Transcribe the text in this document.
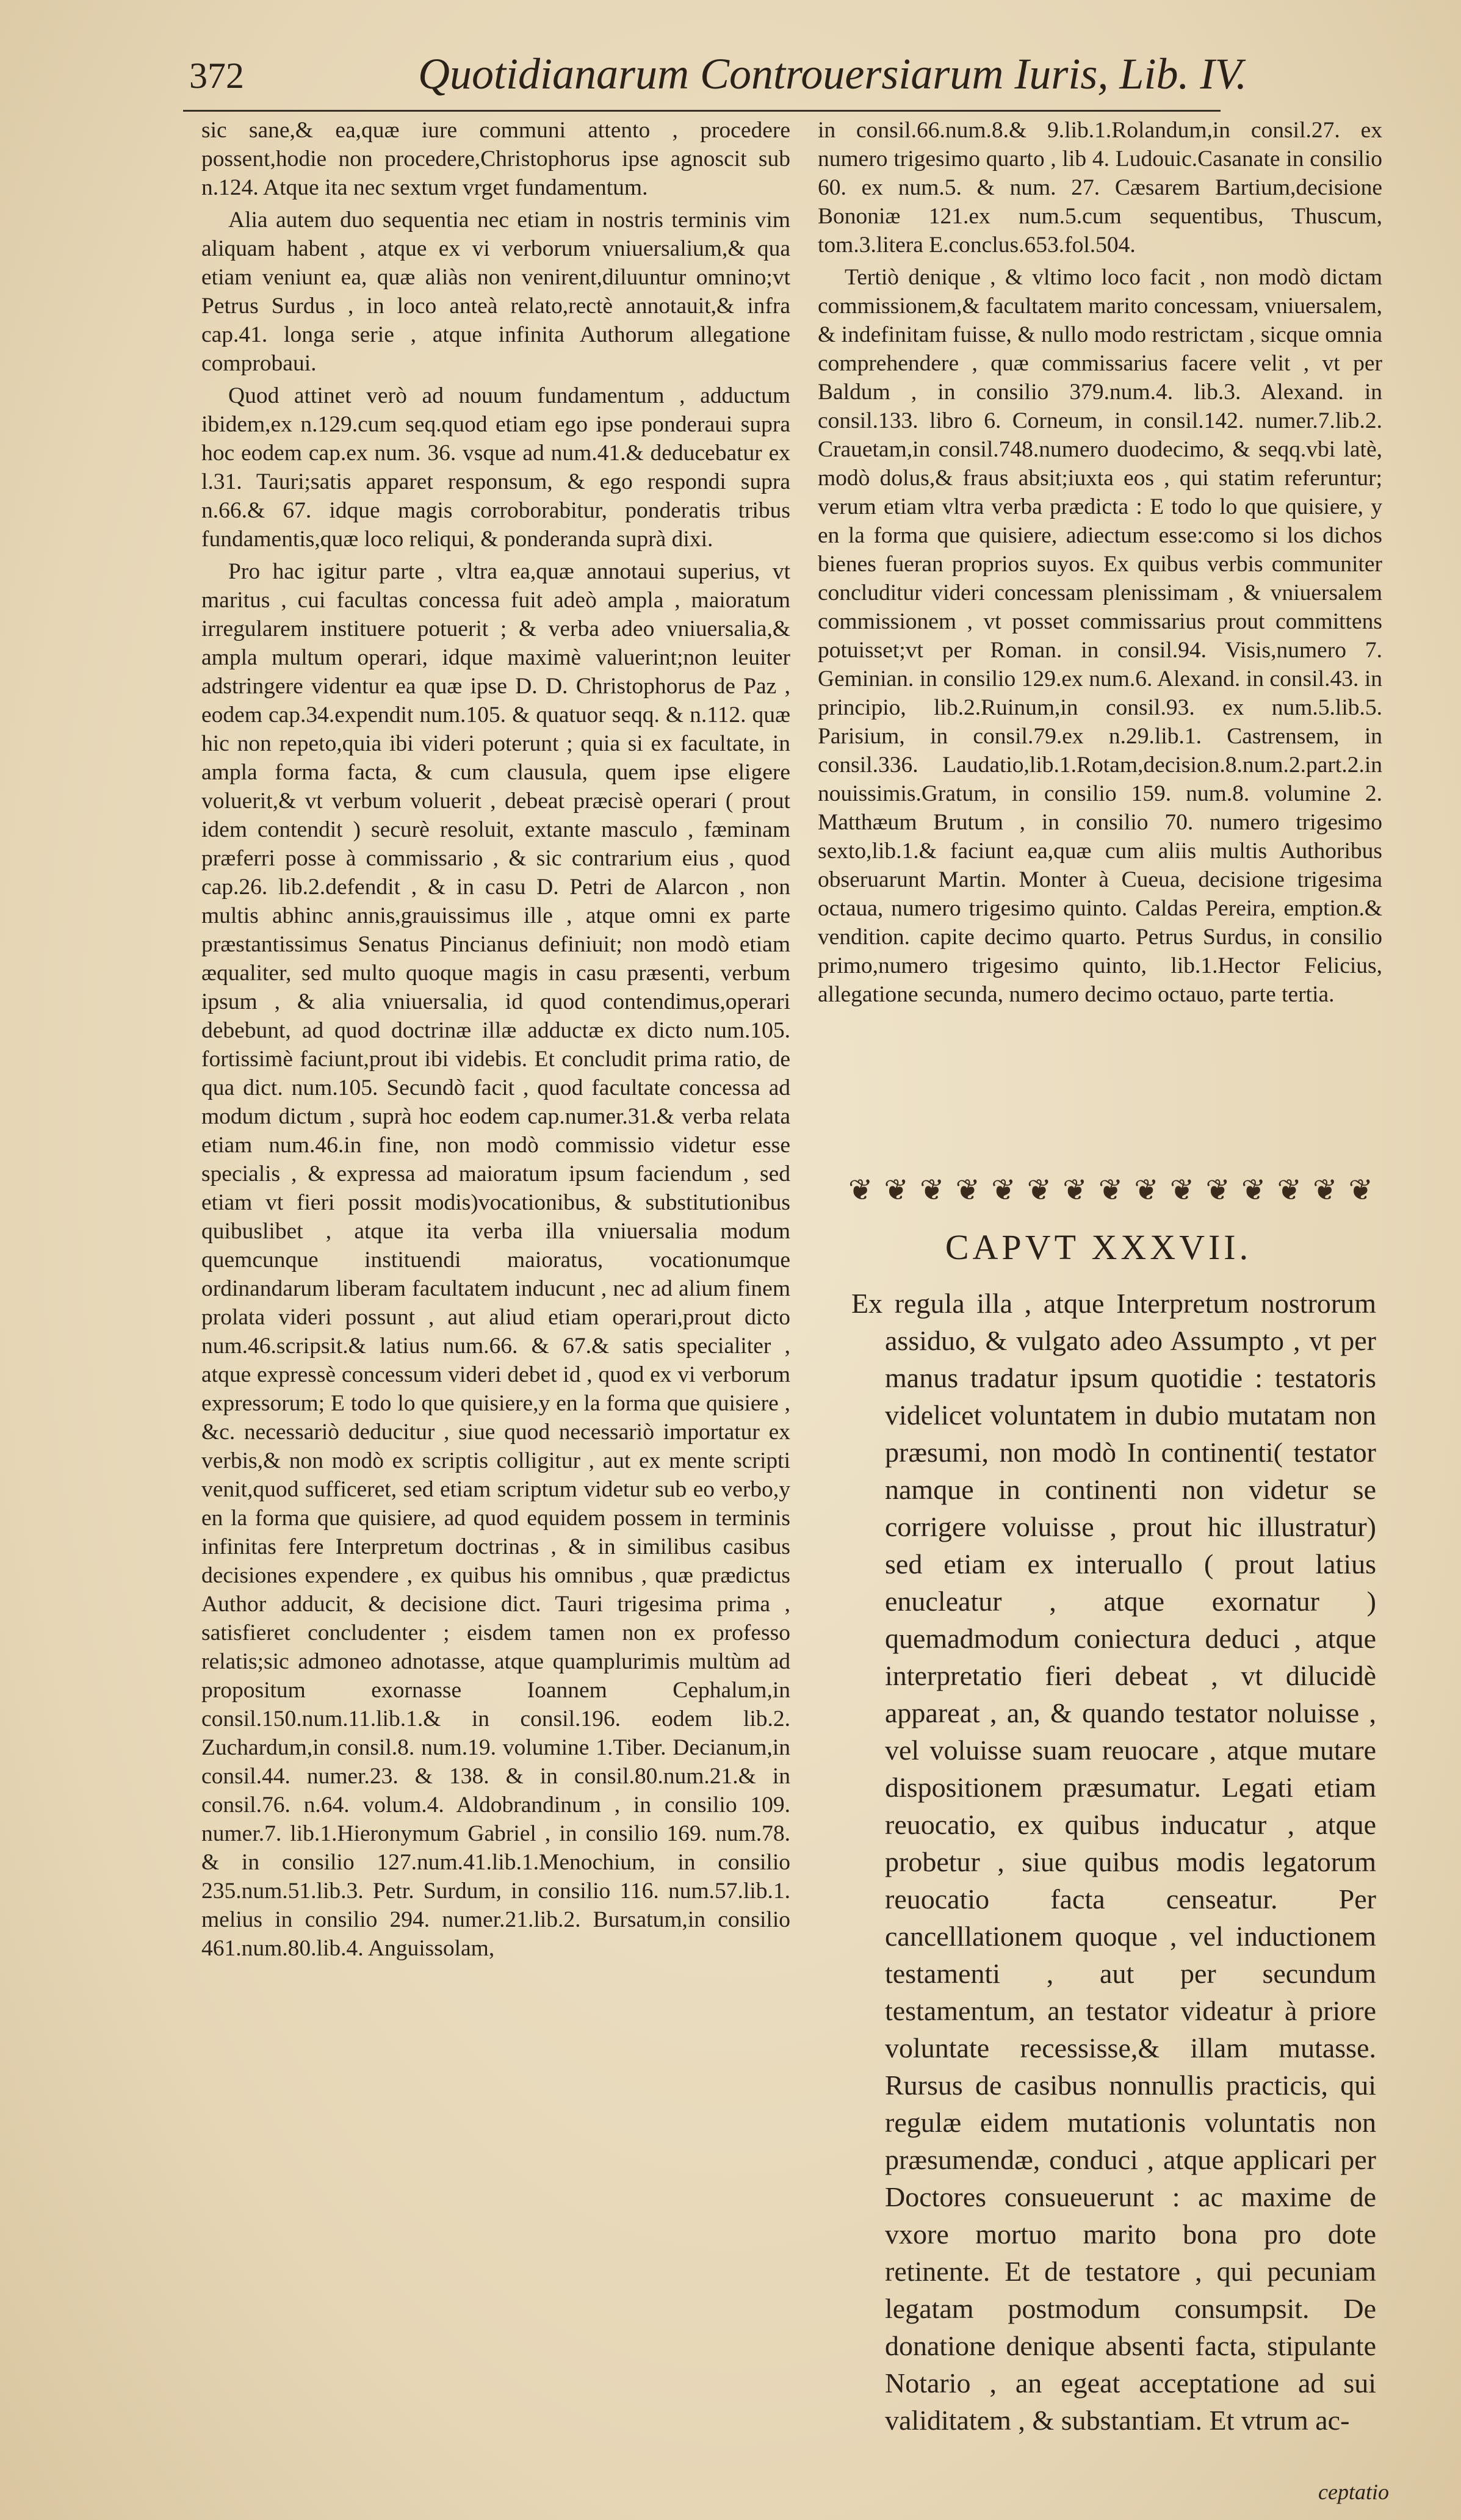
372	Quotidianarum Controuersiarum Iuris, Lib. IV.

sic sane,& ea,quæ iure communi attento , procedere possent,hodie non procedere,Christophorus ipse agnoscit sub n.124. Atque ita nec sextum vrget fundamentum.

Alia autem duo sequentia nec etiam in nostris terminis vim aliquam habent , atque ex vi verborum vniuersalium,& qua etiam veniunt ea, quæ aliàs non venirent,diluuntur omnino;vt Petrus Surdus , in loco anteà relato,rectè annotauit,& infra cap.41. longa serie , atque infinita Authorum allegatione comprobaui.

Quod attinet verò ad nouum fundamentum , adductum ibidem,ex n.129.cum seq.quod etiam ego ipse ponderaui supra hoc eodem cap.ex num. 36. vsque ad num.41.& deducebatur ex l.31. Tauri;satis apparet responsum, & ego respondi supra n.66.& 67. idque magis corroborabitur, ponderatis tribus fundamentis,quæ loco reliqui, & ponderanda suprà dixi.

Pro hac igitur parte , vltra ea,quæ annotaui superius, vt maritus , cui facultas concessa fuit adeò ampla , maioratum irregularem instituere potuerit ; & verba adeo vniuersalia,& ampla multum operari, idque maximè valuerint;non leuiter adstringere videntur ea quæ ipse D. D. Christophorus de Paz , eodem cap.34.expendit num.105. & quatuor seqq. & n.112. quæ hic non repeto,quia ibi videri poterunt ; quia si ex facultate, in ampla forma facta, & cum clausula, quem ipse eligere voluerit,& vt verbum voluerit , debeat præcisè operari ( prout idem contendit ) securè resoluit, extante masculo , fæminam præferri posse à commissario , & sic contrarium eius , quod cap.26. lib.2.defendit , & in casu D. Petri de Alarcon , non multis abhinc annis,grauissimus ille , atque omni ex parte præstantissimus Senatus Pincianus definiuit; non modò etiam æqualiter, sed multo quoque magis in casu præsenti, verbum ipsum , & alia vniuersalia, id quod contendimus,operari debebunt, ad quod doctrinæ illæ adductæ ex dicto num.105. fortissimè faciunt,prout ibi videbis. Et concludit prima ratio, de qua dict. num.105. Secundò facit , quod facultate concessa ad modum dictum , suprà hoc eodem cap.numer.31.& verba relata etiam num.46.in fine, non modò commissio videtur esse specialis , & expressa ad maioratum ipsum faciendum , sed etiam vt fieri possit modis)vocationibus, & substitutionibus quibuslibet , atque ita verba illa vniuersalia modum quemcunque instituendi maioratus, vocationumque ordinandarum liberam facultatem inducunt , nec ad alium finem prolata videri possunt , aut aliud etiam operari,prout dicto num.46.scripsit.& latius num.66. & 67.& satis specialiter , atque expressè concessum videri debet id , quod ex vi verborum expressorum; E todo lo que quisiere,y en la forma que quisiere , &c. necessariò deducitur , siue quod necessariò importatur ex verbis,& non modò ex scriptis colligitur , aut ex mente scripti venit,quod sufficeret, sed etiam scriptum videtur sub eo verbo,y en la forma que quisiere, ad quod equidem possem in terminis infinitas fere Interpretum doctrinas , & in similibus casibus decisiones expendere , ex quibus his omnibus , quæ prædictus Author adducit, & decisione dict. Tauri trigesima prima , satisfieret concludenter ; eisdem tamen non ex professo relatis;sic admoneo adnotasse, atque quamplurimis multùm ad propositum exornasse Ioannem Cephalum,in consil.150.num.11.lib.1.& in consil.196. eodem lib.2. Zuchardum,in consil.8. num.19. volumine 1.Tiber. Decianum,in consil.44. numer.23. & 138. & in consil.80.num.21.& in consil.76. n.64. volum.4. Aldobrandinum , in consilio 109. numer.7. lib.1.Hieronymum Gabriel , in consilio 169. num.78. & in consilio 127.num.41.lib.1.Menochium, in consilio 235.num.51.lib.3. Petr. Surdum, in consilio 116. num.57.lib.1. melius in consilio 294. numer.21.lib.2. Bursatum,in consilio 461.num.80.lib.4. Anguissolam,

in consil.66.num.8.& 9.lib.1.Rolandum,in consil.27. ex numero trigesimo quarto , lib 4. Ludouic.Casanate in consilio 60. ex num.5. & num. 27. Cæsarem Bartium,decisione Bononiæ 121.ex num.5.cum sequentibus, Thuscum, tom.3.litera E.conclus.653.fol.504.

Tertiò denique , & vltimo loco facit , non modò dictam commissionem,& facultatem marito concessam, vniuersalem, & indefinitam fuisse, & nullo modo restrictam , sicque omnia comprehendere , quæ commissarius facere velit , vt per Baldum , in consilio 379.num.4. lib.3. Alexand. in consil.133. libro 6. Corneum, in consil.142. numer.7.lib.2. Crauetam,in consil.748.numero duodecimo, & seqq.vbi latè, modò dolus,& fraus absit;iuxta eos , qui statim referuntur; verum etiam vltra verba prædicta : E todo lo que quisiere, y en la forma que quisiere, adiectum esse:como si los dichos bienes fueran proprios suyos. Ex quibus verbis communiter concluditur videri concessam plenissimam , & vniuersalem commissionem , vt posset commissarius prout committens potuisset;vt per Roman. in consil.94. Visis,numero 7. Geminian. in consilio 129.ex num.6. Alexand. in consil.43. in principio, lib.2.Ruinum,in consil.93. ex num.5.lib.5. Parisium, in consil.79.ex n.29.lib.1. Castrensem, in consil.336. Laudatio,lib.1.Rotam,decision.8.num.2.part.2.in nouissimis.Gratum, in consilio 159. num.8. volumine 2. Matthæum Brutum , in consilio 70. numero trigesimo sexto,lib.1.& faciunt ea,quæ cum aliis multis Authoribus obseruarunt Martin. Monter à Cueua, decisione trigesima octaua, numero trigesimo quinto. Caldas Pereira, emption.& vendition. capite decimo quarto. Petrus Surdus, in consilio primo,numero trigesimo quinto, lib.1.Hector Felicius, allegatione secunda, numero decimo octauo, parte tertia.

❦ ❦ ❦ ❦ ❦ ❦ ❦ ❦ ❦ ❦ ❦ ❦ ❦ ❦ ❦
CAPVT XXXVII.

Ex regula illa , atque Interpretum nostrorum assiduo, & vulgato adeo Assumpto , vt per manus tradatur ipsum quotidie : testatoris videlicet voluntatem in dubio mutatam non præsumi, non modò In continenti( testator namque in continenti non videtur se corrigere voluisse , prout hic illustratur) sed etiam ex interuallo ( prout latius enucleatur , atque exornatur ) quemadmodum coniectura deduci , atque interpretatio fieri debeat , vt dilucidè appareat , an, & quando testator noluisse , vel voluisse suam reuocare , atque mutare dispositionem præsumatur. Legati etiam reuocatio, ex quibus inducatur , atque probetur , siue quibus modis legatorum reuocatio facta censeatur. Per cancelllationem quoque , vel inductionem testamenti , aut per secundum testamentum, an testator videatur à priore voluntate recessisse,& illam mutasse. Rursus de casibus nonnullis practicis, qui regulæ eidem mutationis voluntatis non præsumendæ, conduci , atque applicari per Doctores consueuerunt : ac maxime de vxore mortuo marito bona pro dote retinente. Et de testatore , qui pecuniam legatam postmodum consumpsit. De donatione denique absenti facta, stipulante Notario , an egeat acceptatione ad sui validitatem , & substantiam. Et vtrum ac-

ceptatio
